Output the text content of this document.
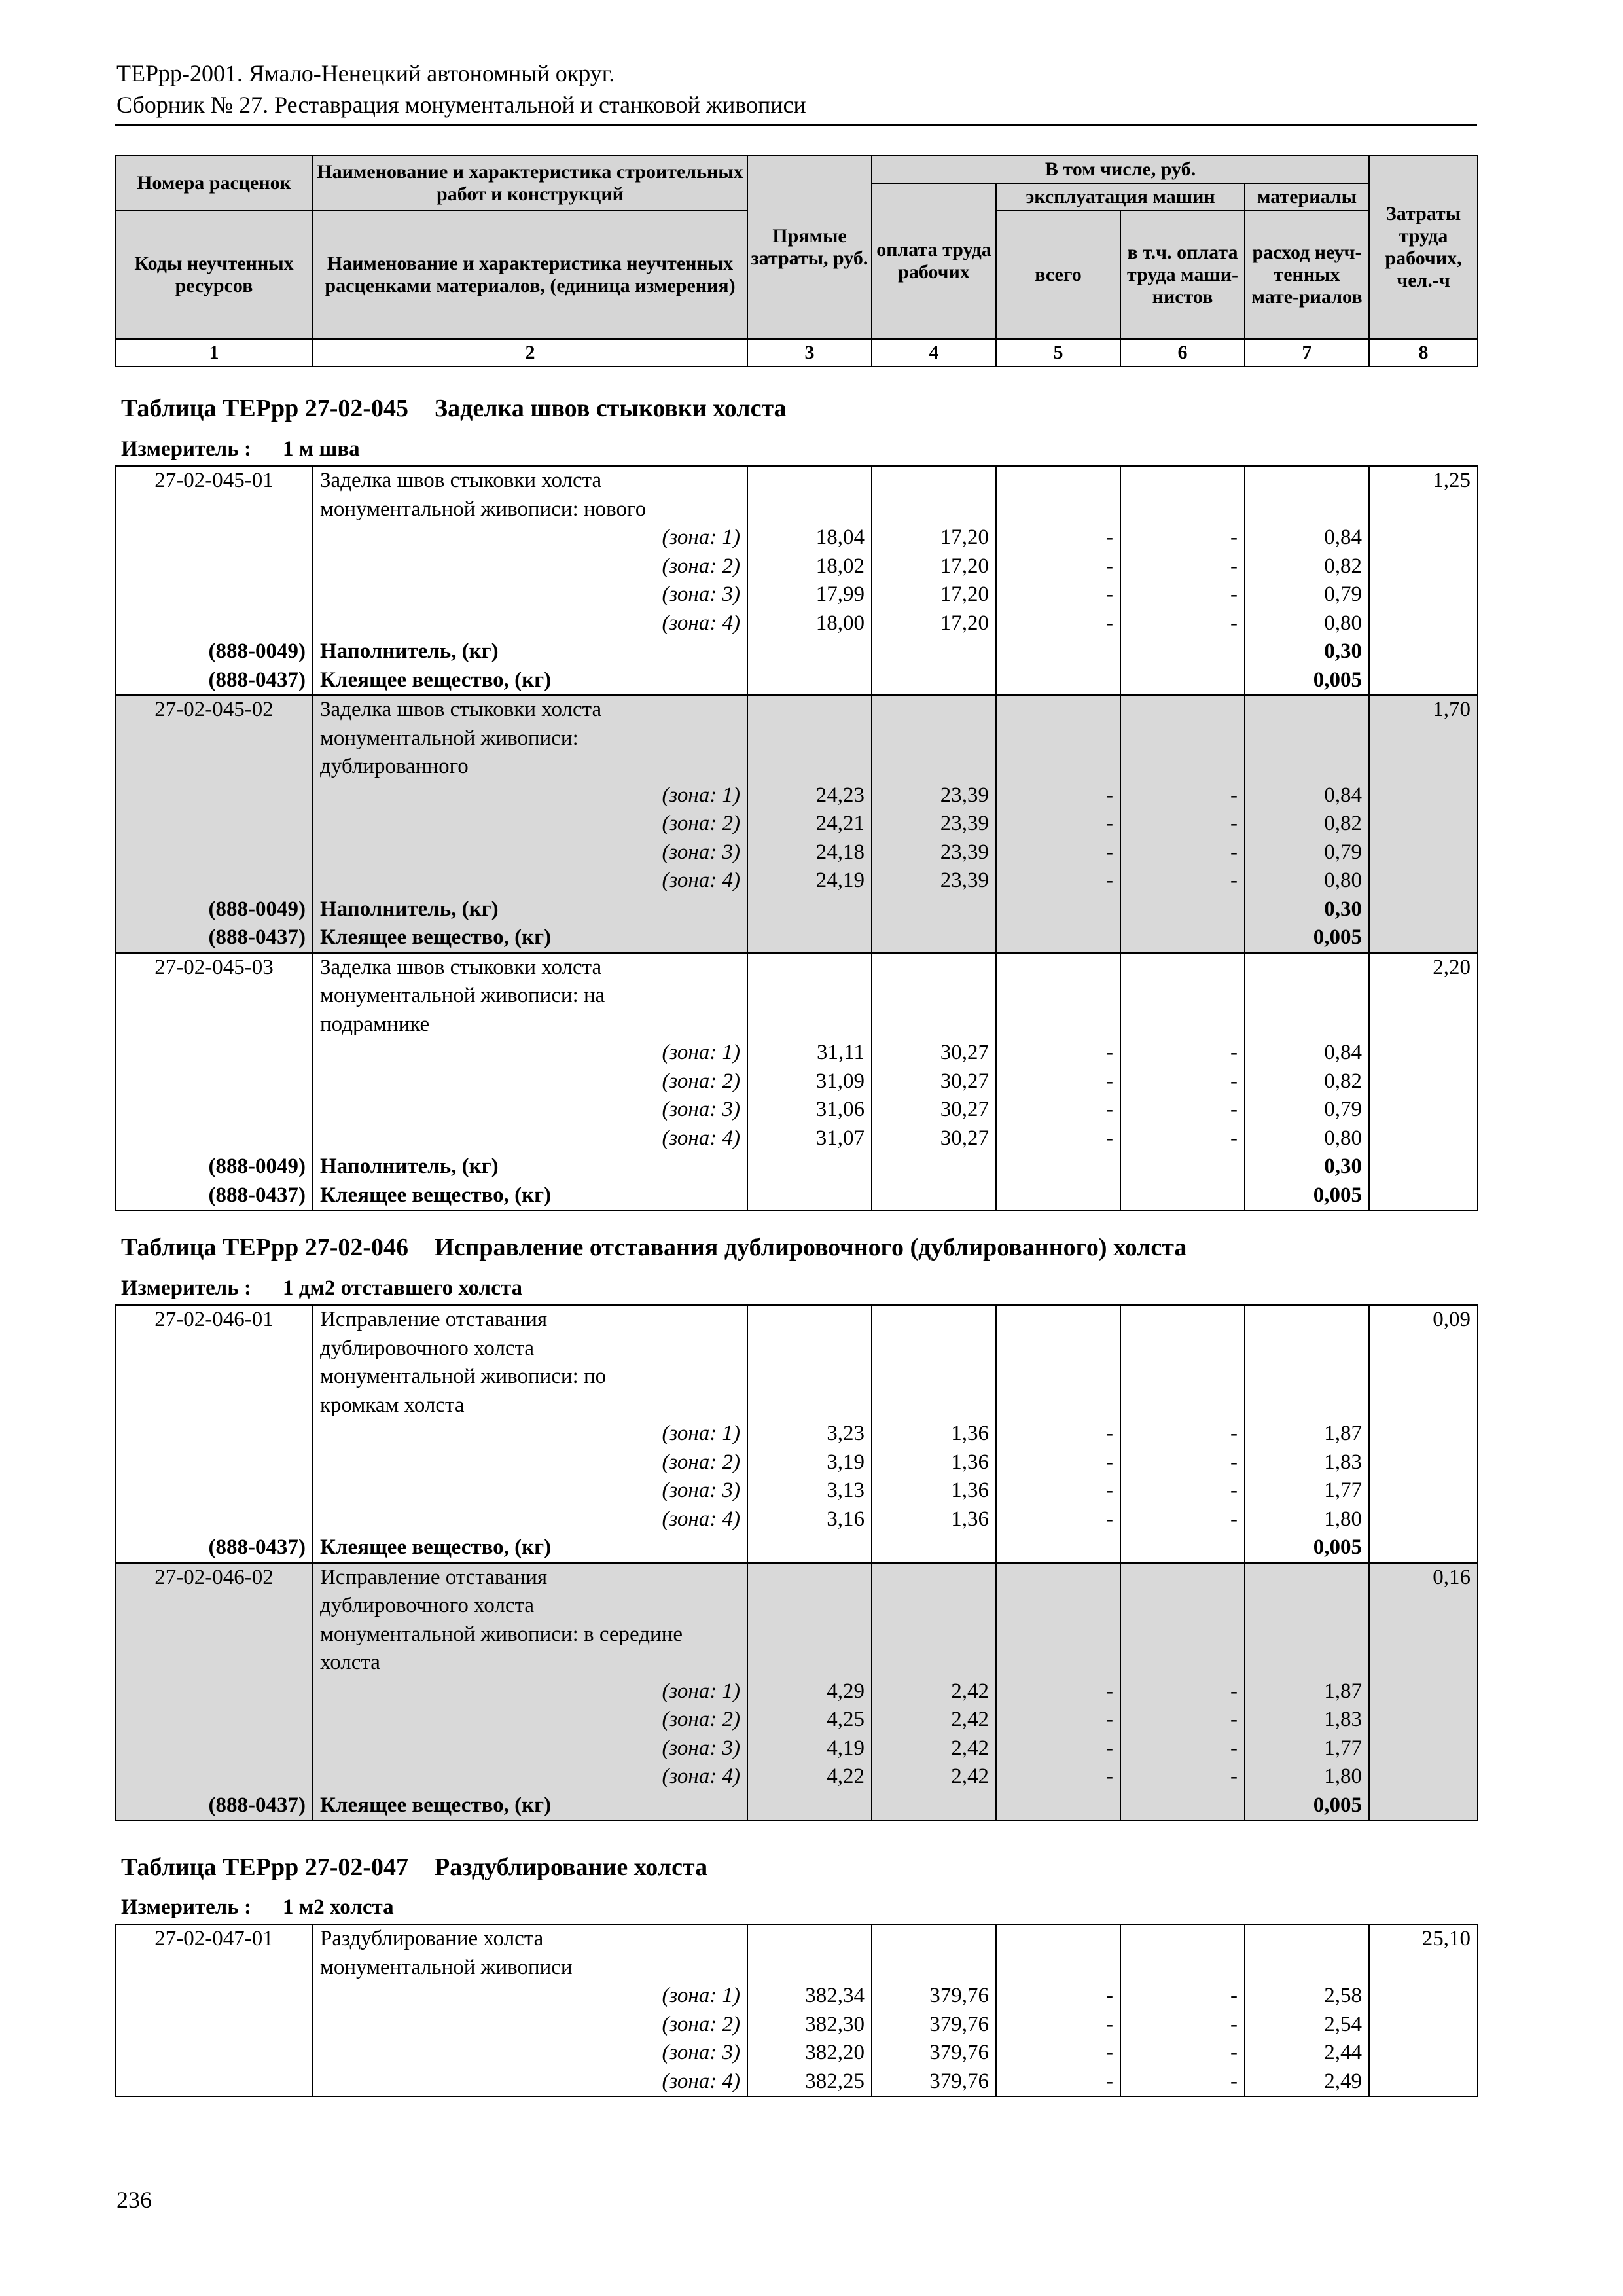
ТЕРрр-2001. Ямало-Ненецкий автономный округ.
Сборник № 27. Реставрация монументальной и станковой живописи
Номера расценок	Наименование и характеристика строительных работ и конструкций	Прямые затраты, руб.	В том числе, руб.				Затраты труда рабочих, чел.-ч
			оплата труда рабочих	эксплуатация машин		материалы	
Коды неучтенных ресурсов	Наименование и характеристика неучтенных расценками материалов, (единица измерения)			всего	в т.ч. оплата труда маши-нистов	расход неуч-тенных мате-риалов	
1	2	3	4	5	6	7	8
Таблица ТЕРрр 27-02-045 Заделка швов стыковки холста
Измеритель : 1 м шва
27-02-045-01	Заделка швов стыковки холста						1,25
	монументальной живописи: нового						
	(зона: 1)	18,04	17,20	-	-	0,84	
	(зона: 2)	18,02	17,20	-	-	0,82	
	(зона: 3)	17,99	17,20	-	-	0,79	
	(зона: 4)	18,00	17,20	-	-	0,80	
(888-0049)	Наполнитель, (кг)					0,30	
(888-0437)	Клеящее вещество, (кг)					0,005	
27-02-045-02	Заделка швов стыковки холста						1,70
	монументальной живописи:						
	дублированного						
	(зона: 1)	24,23	23,39	-	-	0,84	
	(зона: 2)	24,21	23,39	-	-	0,82	
	(зона: 3)	24,18	23,39	-	-	0,79	
	(зона: 4)	24,19	23,39	-	-	0,80	
(888-0049)	Наполнитель, (кг)					0,30	
(888-0437)	Клеящее вещество, (кг)					0,005	
27-02-045-03	Заделка швов стыковки холста						2,20
	монументальной живописи: на						
	подрамнике						
	(зона: 1)	31,11	30,27	-	-	0,84	
	(зона: 2)	31,09	30,27	-	-	0,82	
	(зона: 3)	31,06	30,27	-	-	0,79	
	(зона: 4)	31,07	30,27	-	-	0,80	
(888-0049)	Наполнитель, (кг)					0,30	
(888-0437)	Клеящее вещество, (кг)					0,005	
Таблица ТЕРрр 27-02-046 Исправление отставания дублировочного (дублированного) холста
Измеритель : 1 дм2 отставшего холста
27-02-046-01	Исправление отставания						0,09
	дублировочного холста						
	монументальной живописи: по						
	кромкам холста						
	(зона: 1)	3,23	1,36	-	-	1,87	
	(зона: 2)	3,19	1,36	-	-	1,83	
	(зона: 3)	3,13	1,36	-	-	1,77	
	(зона: 4)	3,16	1,36	-	-	1,80	
(888-0437)	Клеящее вещество, (кг)					0,005	
27-02-046-02	Исправление отставания						0,16
	дублировочного холста						
	монументальной живописи: в середине						
	холста						
	(зона: 1)	4,29	2,42	-	-	1,87	
	(зона: 2)	4,25	2,42	-	-	1,83	
	(зона: 3)	4,19	2,42	-	-	1,77	
	(зона: 4)	4,22	2,42	-	-	1,80	
(888-0437)	Клеящее вещество, (кг)					0,005	
Таблица ТЕРрр 27-02-047 Раздублирование холста
Измеритель : 1 м2 холста
27-02-047-01	Раздублирование холста						25,10
	монументальной живописи						
	(зона: 1)	382,34	379,76	-	-	2,58	
	(зона: 2)	382,30	379,76	-	-	2,54	
	(зона: 3)	382,20	379,76	-	-	2,44	
	(зона: 4)	382,25	379,76	-	-	2,49	
236
